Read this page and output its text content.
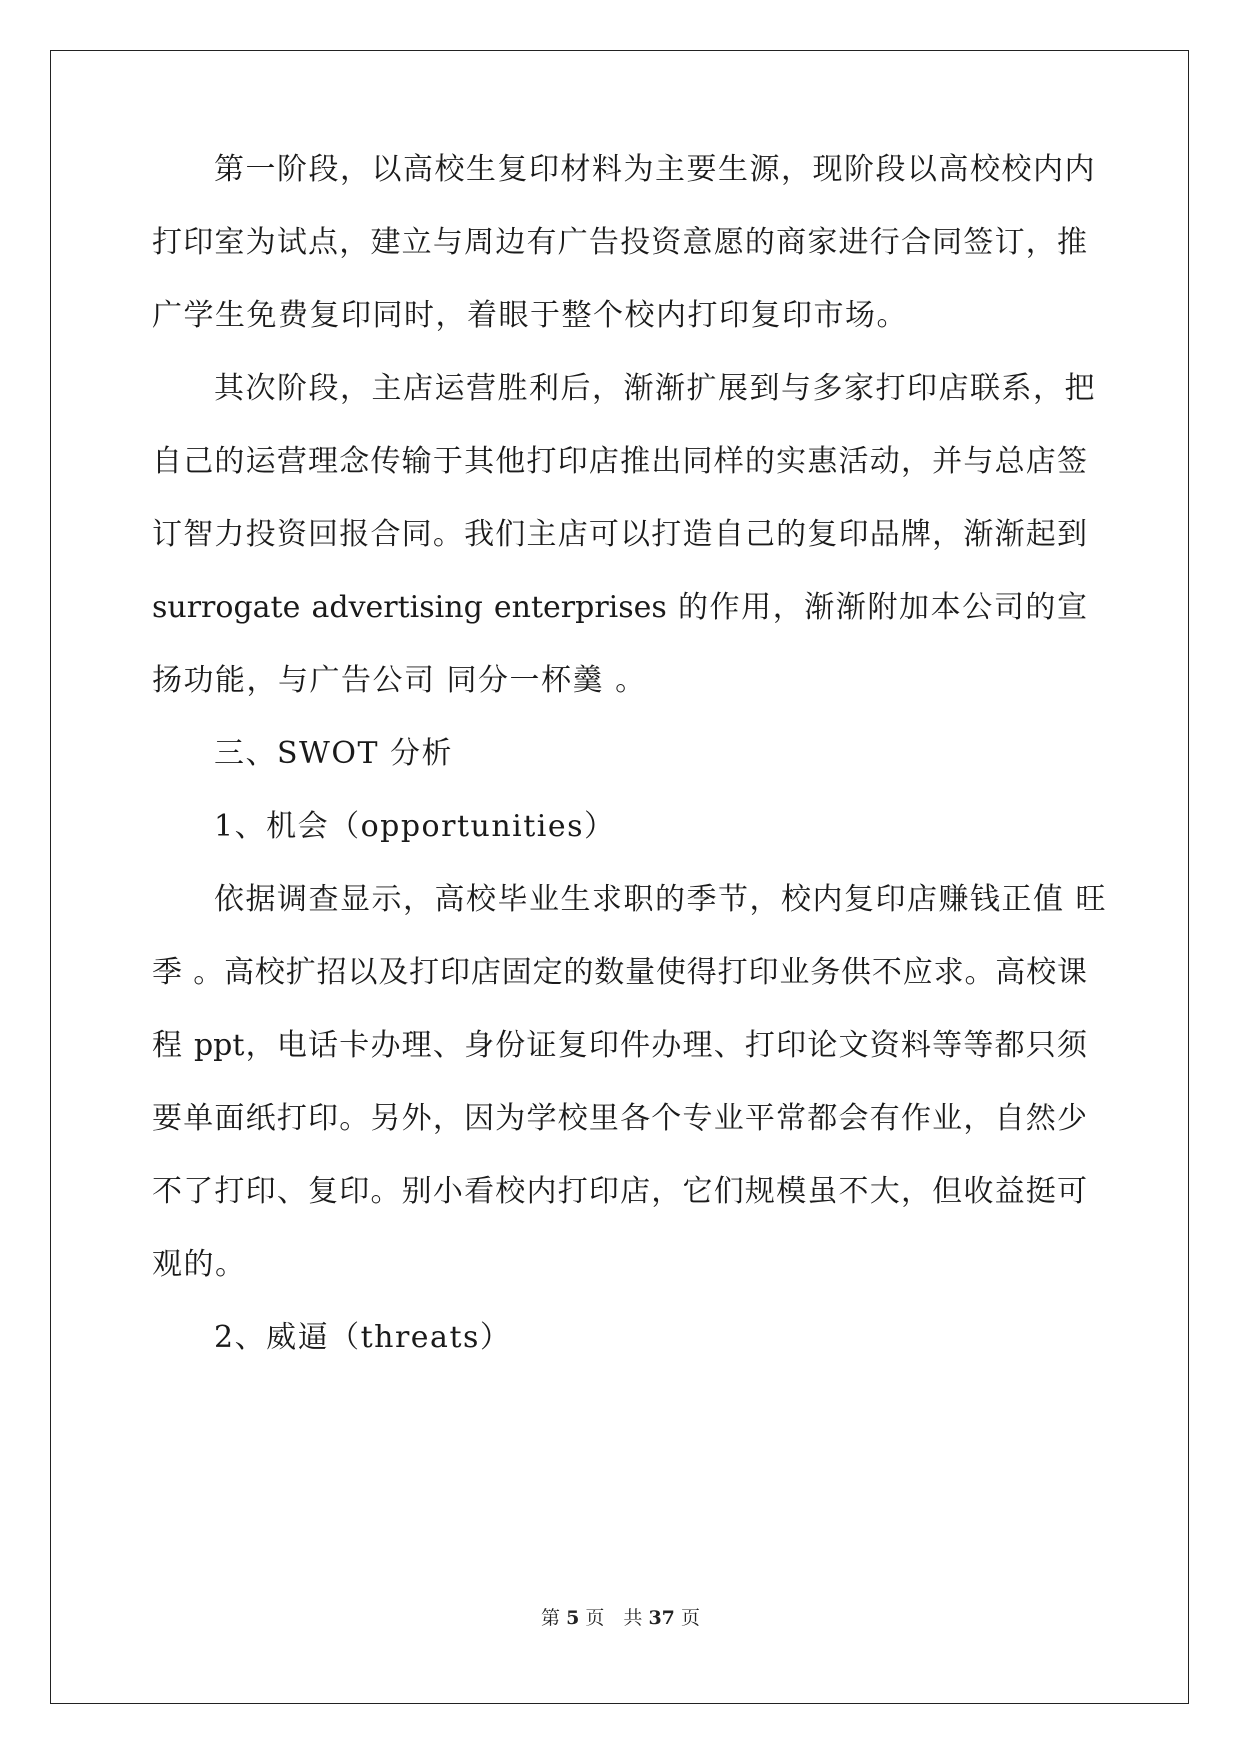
第一阶段，以高校生复印材料为主要生源，现阶段以高校校内内
打印室为试点，建立与周边有广告投资意愿的商家进行合同签订，推
广学生免费复印同时，着眼于整个校内打印复印市场。
其次阶段，主店运营胜利后，渐渐扩展到与多家打印店联系，把
自己的运营理念传输于其他打印店推出同样的实惠活动，并与总店签
订智力投资回报合同。我们主店可以打造自己的复印品牌，渐渐起到
surrogate advertising enterprises 的作用，渐渐附加本公司的宣
扬功能，与广告公司 同分一杯羹 。
三、SWOT 分析
1、机会（opportunities）
依据调查显示，高校毕业生求职的季节，校内复印店赚钱正值 旺
季 。高校扩招以及打印店固定的数量使得打印业务供不应求。高校课
程 ppt，电话卡办理、身份证复印件办理、打印论文资料等等都只须
要单面纸打印。另外，因为学校里各个专业平常都会有作业，自然少
不了打印、复印。别小看校内打印店，它们规模虽不大，但收益挺可
观的。
2、威逼（threats）
第 5 页　共 37 页
